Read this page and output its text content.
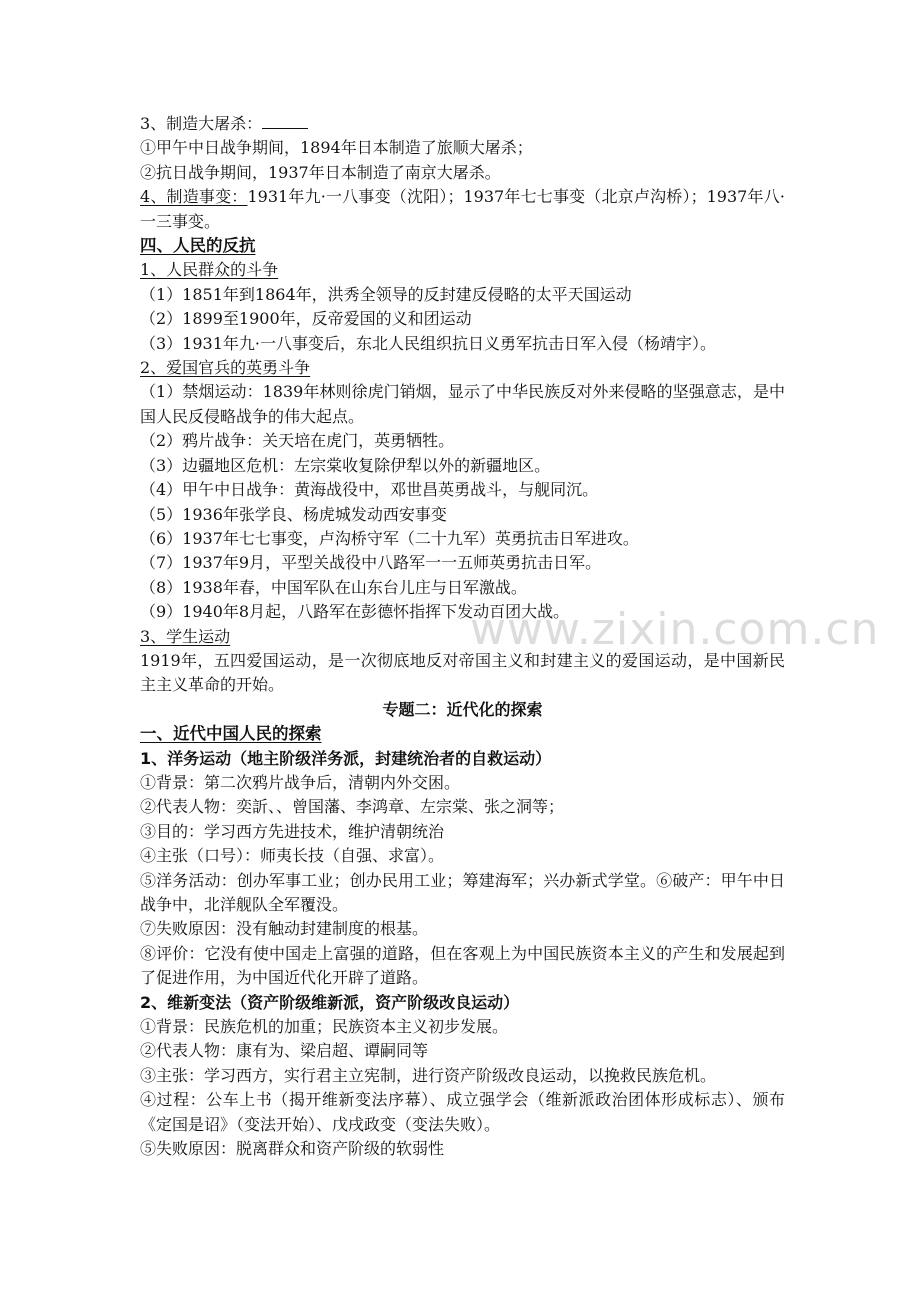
www.zixin.com.cn
3、制造大屠杀：
①甲午中日战争期间，1894年日本制造了旅顺大屠杀；
②抗日战争期间，1937年日本制造了南京大屠杀。
4、制造事变：1931年九·一八事变（沈阳）；1937年七七事变（北京卢沟桥）；1937年八·一三事变。
四、人民的反抗
1、人民群众的斗争
（1）1851年到1864年，洪秀全领导的反封建反侵略的太平天国运动
（2）1899至1900年，反帝爱国的义和团运动
（3）1931年九·一八事变后，东北人民组织抗日义勇军抗击日军入侵（杨靖宇）。
2、爱国官兵的英勇斗争
（1）禁烟运动：1839年林则徐虎门销烟，显示了中华民族反对外来侵略的坚强意志，是中国人民反侵略战争的伟大起点。
（2）鸦片战争：关天培在虎门，英勇牺牲。
（3）边疆地区危机：左宗棠收复除伊犁以外的新疆地区。
（4）甲午中日战争：黄海战役中，邓世昌英勇战斗，与舰同沉。
（5）1936年张学良、杨虎城发动西安事变
（6）1937年七七事变，卢沟桥守军（二十九军）英勇抗击日军进攻。
（7）1937年9月，平型关战役中八路军一一五师英勇抗击日军。
（8）1938年春，中国军队在山东台儿庄与日军激战。
（9）1940年8月起，八路军在彭德怀指挥下发动百团大战。
3、学生运动
1919年，五四爱国运动，是一次彻底地反对帝国主义和封建主义的爱国运动，是中国新民主主义革命的开始。
专题二：近代化的探索
一、近代中国人民的探索
1、洋务运动（地主阶级洋务派，封建统治者的自救运动）
①背景：第二次鸦片战争后，清朝内外交困。
②代表人物：奕訢、、曾国藩、李鸿章、左宗棠、张之洞等；
③目的：学习西方先进技术，维护清朝统治
④主张（口号）：师夷长技（自强、求富）。
⑤洋务活动：创办军事工业；创办民用工业；筹建海军；兴办新式学堂。⑥破产：甲午中日战争中，北洋舰队全军覆没。
⑦失败原因：没有触动封建制度的根基。
⑧评价：它没有使中国走上富强的道路，但在客观上为中国民族资本主义的产生和发展起到了促进作用，为中国近代化开辟了道路。
2、维新变法（资产阶级维新派，资产阶级改良运动）
①背景：民族危机的加重；民族资本主义初步发展。
②代表人物：康有为、梁启超、谭嗣同等
③主张：学习西方，实行君主立宪制，进行资产阶级改良运动，以挽救民族危机。
④过程：公车上书（揭开维新变法序幕）、成立强学会（维新派政治团体形成标志）、颁布《定国是诏》（变法开始）、戊戌政变（变法失败）。
⑤失败原因：脱离群众和资产阶级的软弱性
